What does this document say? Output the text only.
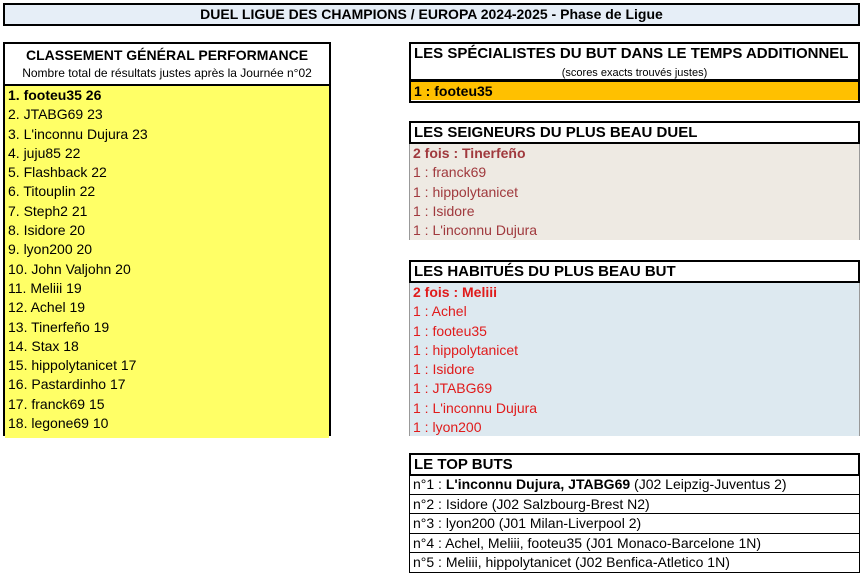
DUEL LIGUE DES CHAMPIONS / EUROPA 2024-2025 - Phase de Ligue
CLASSEMENT GÉNÉRAL PERFORMANCE
Nombre total de résultats justes après la Journée n°02
1. footeu35 26
2. JTABG69 23
3. L'inconnu Dujura 23
4. juju85 22
5. Flashback 22
6. Titouplin 22
7. Steph2 21
8. Isidore 20
9. lyon200 20
10. John Valjohn 20
11. Meliii 19
12. Achel 19
13. Tinerfeño 19
14. Stax 18
15. hippolytanicet 17
16. Pastardinho 17
17. franck69 15
18. legone69 10
LES SPÉCIALISTES DU BUT DANS LE TEMPS ADDITIONNEL
(scores exacts trouvés justes)
1 : footeu35
LES SEIGNEURS DU PLUS BEAU DUEL
2 fois : Tinerfeño
1 : franck69
1 : hippolytanicet
1 : Isidore
1 : L'inconnu Dujura
LES HABITUÉS DU PLUS BEAU BUT
2 fois : Meliii
1 : Achel
1 : footeu35
1 : hippolytanicet
1 : Isidore
1 : JTABG69
1 : L'inconnu Dujura
1 : lyon200
LE TOP BUTS
n°1 : L'inconnu Dujura, JTABG69 (J02 Leipzig-Juventus 2)
n°2 : Isidore (J02 Salzbourg-Brest N2)
n°3 : lyon200 (J01 Milan-Liverpool 2)
n°4 : Achel, Meliii, footeu35 (J01 Monaco-Barcelone 1N)
n°5 : Meliii, hippolytanicet (J02 Benfica-Atletico 1N)
